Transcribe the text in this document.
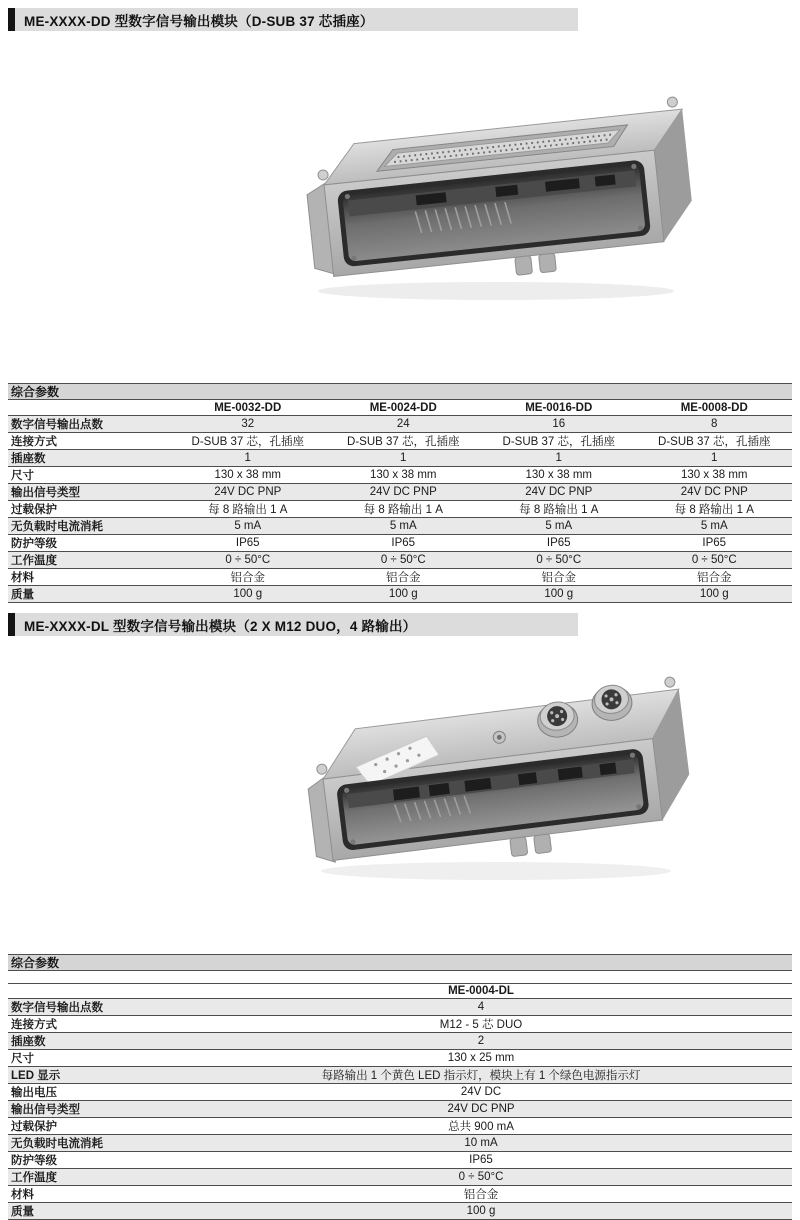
ME-XXXX-DD 型数字信号输出模块（D-SUB 37 芯插座）
综合参数
	ME-0032-DD	ME-0024-DD	ME-0016-DD	ME-0008-DD
数字信号输出点数	32	24	16	8
连接方式	D-SUB 37 芯，孔插座	D-SUB 37 芯，孔插座	D-SUB 37 芯，孔插座	D-SUB 37 芯，孔插座
插座数	1	1	1	1
尺寸	130 x 38 mm	130 x 38 mm	130 x 38 mm	130 x 38 mm
输出信号类型	24V DC PNP	24V DC PNP	24V DC PNP	24V DC PNP
过载保护	每 8 路输出 1 A	每 8 路输出 1 A	每 8 路输出 1 A	每 8 路输出 1 A
无负载时电流消耗	5 mA	5 mA	5 mA	5 mA
防护等级	IP65	IP65	IP65	IP65
工作温度	0 ÷ 50°C	0 ÷ 50°C	0 ÷ 50°C	0 ÷ 50°C
材料	铝合金	铝合金	铝合金	铝合金
质量	100 g	100 g	100 g	100 g
ME-XXXX-DL 型数字信号输出模块（2 X M12 DUO，4 路输出）
综合参数
	ME-0004-DL
数字信号输出点数	4
连接方式	M12 - 5 芯 DUO
插座数	2
尺寸	130 x 25 mm
LED 显示	每路输出 1 个黄色 LED 指示灯，模块上有 1 个绿色电源指示灯
输出电压	24V DC
输出信号类型	24V DC PNP
过载保护	总共 900 mA
无负载时电流消耗	10 mA
防护等级	IP65
工作温度	0 ÷ 50°C
材料	铝合金
质量	100 g
